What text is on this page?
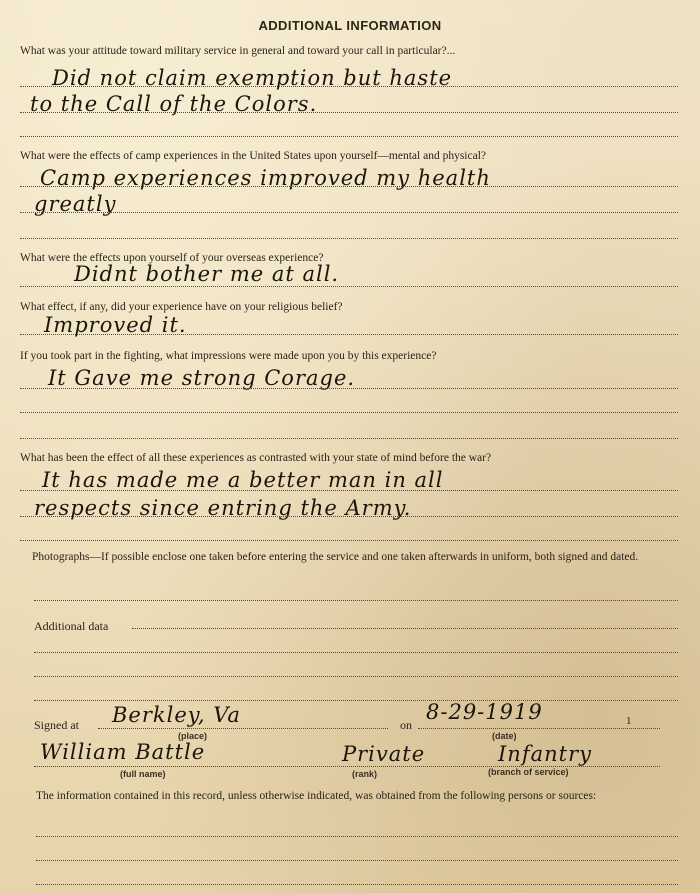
ADDITIONAL INFORMATION
What was your attitude toward military service in general and toward your call in particular?...
Did not claim exemption but haste
to the Call of the Colors.
What were the effects of camp experiences in the United States upon yourself—mental and physical?
Camp experiences improved my health
greatly
What were the effects upon yourself of your overseas experience?
Didnt bother me at all.
What effect, if any, did your experience have on your religious belief?
Improved it.
If you took part in the fighting, what impressions were made upon you by this experience?
It Gave me strong Corage.
What has been the effect of all these experiences as contrasted with your state of mind before the war?
It has made me a better man in all
respects since entring the Army.
Photographs—If possible enclose one taken before entering the service and one taken afterwards in uniform, both signed and dated.
Additional data
Signed at Berkley, Va
(place)
on
8-29-1919
(date)
1
William Battle	Private	Infantry
(full name)	(rank)	(branch of service)
The information contained in this record, unless otherwise indicated, was obtained from the following persons or sources:
